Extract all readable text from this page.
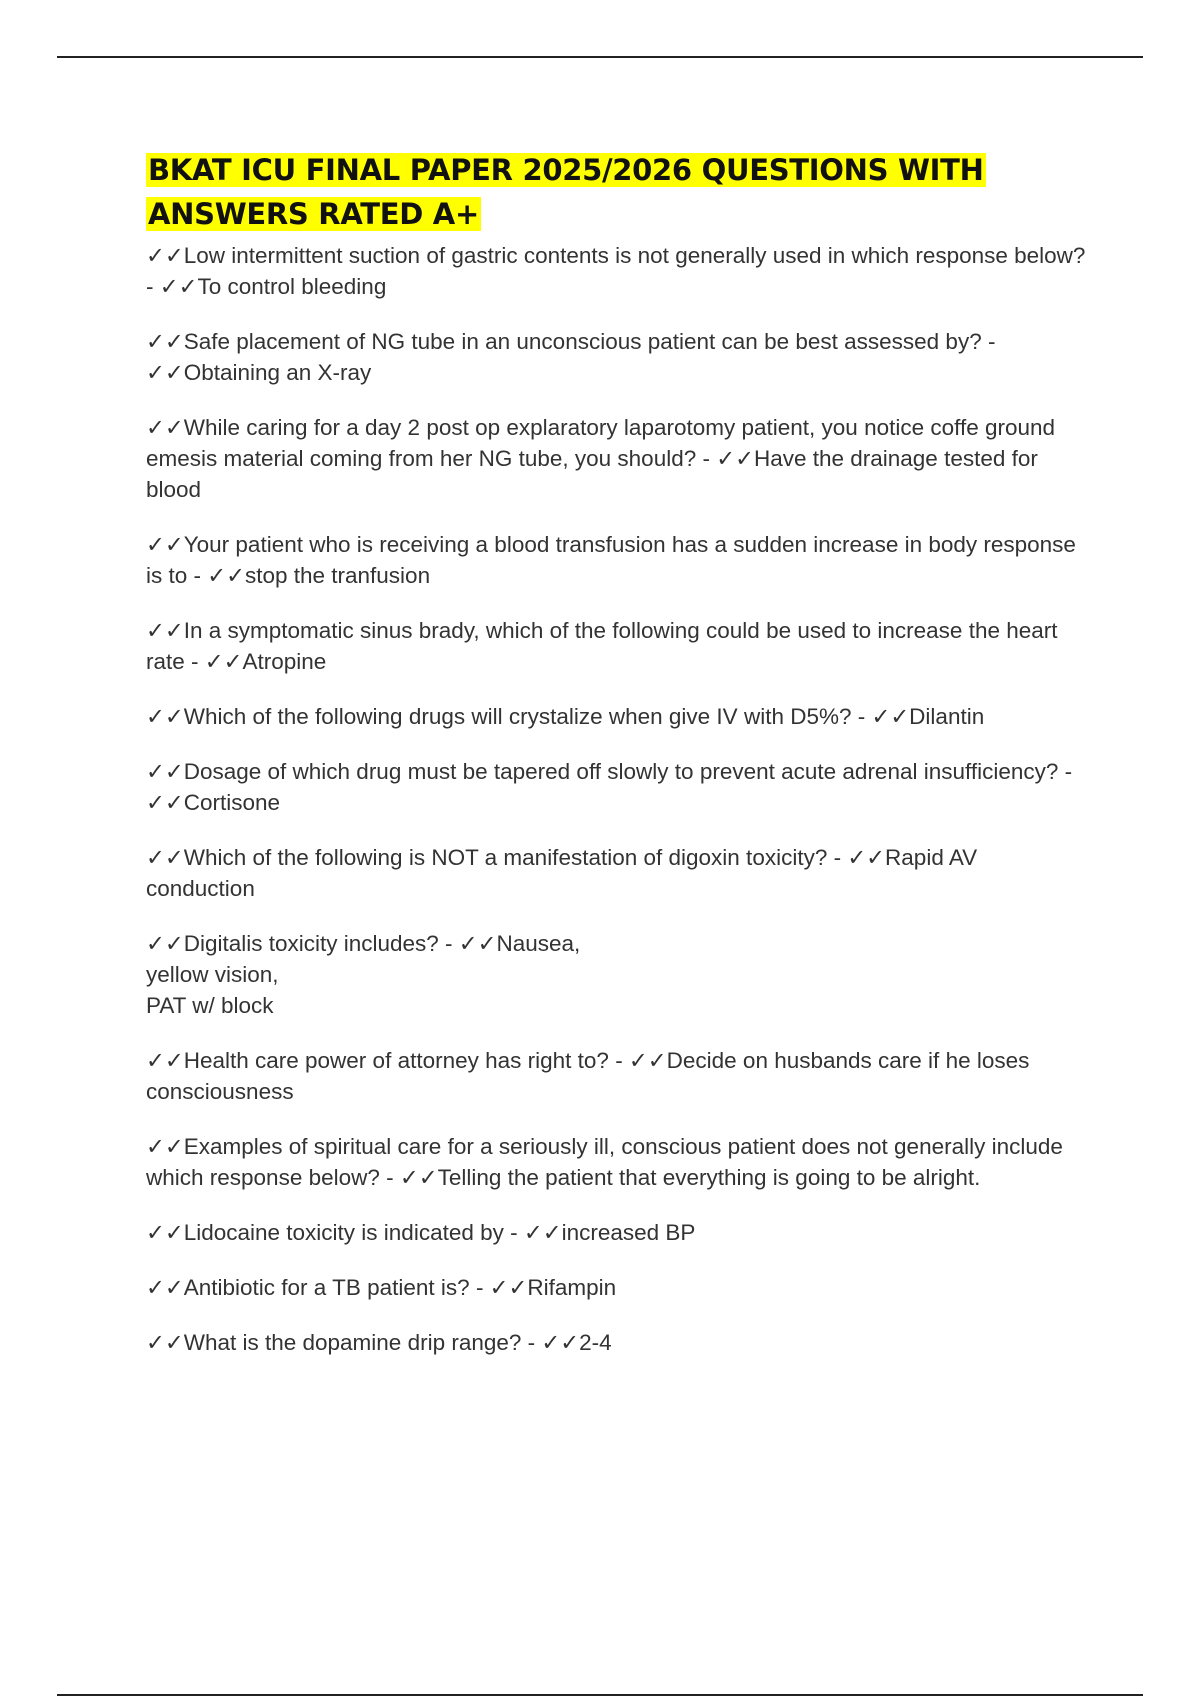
BKAT ICU FINAL PAPER 2025/2026 QUESTIONS WITH ANSWERS RATED A+

✓✓Low intermittent suction of gastric contents is not generally used in which response below? - ✓✓To control bleeding

✓✓Safe placement of NG tube in an unconscious patient can be best assessed by? - ✓✓Obtaining an X-ray

✓✓While caring for a day 2 post op explaratory laparotomy patient, you notice coffe ground emesis material coming from her NG tube, you should? - ✓✓Have the drainage tested for blood

✓✓Your patient who is receiving a blood transfusion has a sudden increase in body response is to - ✓✓stop the tranfusion

✓✓In a symptomatic sinus brady, which of the following could be used to increase the heart rate - ✓✓Atropine

✓✓Which of the following drugs will crystalize when give IV with D5%? - ✓✓Dilantin

✓✓Dosage of which drug must be tapered off slowly to prevent acute adrenal insufficiency? - ✓✓Cortisone

✓✓Which of the following is NOT a manifestation of digoxin toxicity? - ✓✓Rapid AV conduction

✓✓Digitalis toxicity includes? - ✓✓Nausea,
yellow vision,
PAT w/ block

✓✓Health care power of attorney has right to? - ✓✓Decide on husbands care if he loses consciousness

✓✓Examples of spiritual care for a seriously ill, conscious patient does not generally include which response below? - ✓✓Telling the patient that everything is going to be alright.

✓✓Lidocaine toxicity is indicated by - ✓✓increased BP

✓✓Antibiotic for a TB patient is? - ✓✓Rifampin

✓✓What is the dopamine drip range? - ✓✓2-4
